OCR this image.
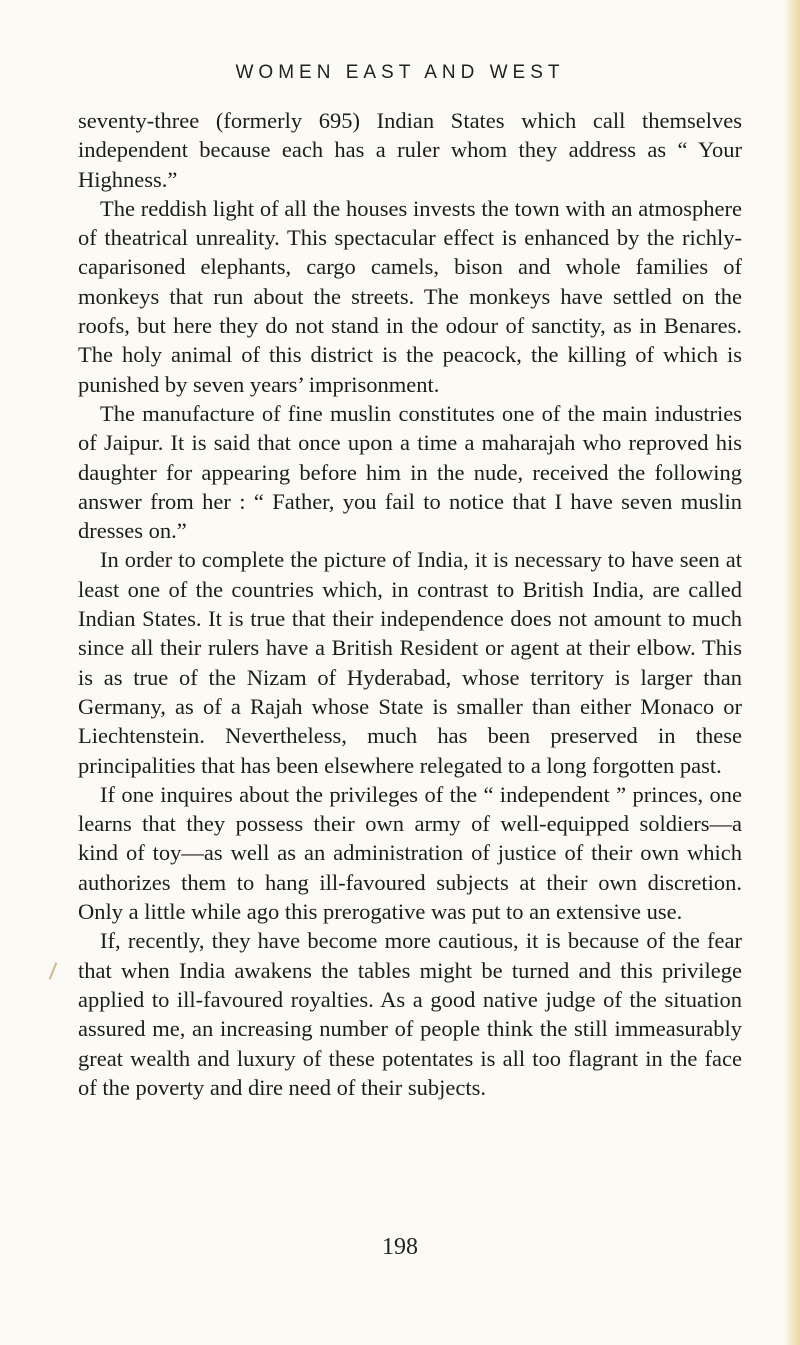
WOMEN EAST AND WEST

seventy-three (formerly 695) Indian States which call themselves independent because each has a ruler whom they address as “ Your Highness.”

The reddish light of all the houses invests the town with an atmosphere of theatrical unreality. This spectacular effect is enhanced by the richly-caparisoned elephants, cargo camels, bison and whole families of monkeys that run about the streets. The monkeys have settled on the roofs, but here they do not stand in the odour of sanctity, as in Benares. The holy animal of this district is the peacock, the killing of which is punished by seven years’ imprisonment.

The manufacture of fine muslin constitutes one of the main industries of Jaipur. It is said that once upon a time a maharajah who reproved his daughter for appearing before him in the nude, received the following answer from her : “ Father, you fail to notice that I have seven muslin dresses on.”

In order to complete the picture of India, it is necessary to have seen at least one of the countries which, in contrast to British India, are called Indian States. It is true that their independence does not amount to much since all their rulers have a British Resident or agent at their elbow. This is as true of the Nizam of Hyderabad, whose territory is larger than Germany, as of a Rajah whose State is smaller than either Monaco or Liechtenstein. Nevertheless, much has been preserved in these principalities that has been elsewhere relegated to a long forgotten past.

If one inquires about the privileges of the “ independent ” princes, one learns that they possess their own army of well-equipped soldiers—a kind of toy—as well as an administration of justice of their own which authorizes them to hang ill-favoured subjects at their own discretion. Only a little while ago this prerogative was put to an extensive use.

If, recently, they have become more cautious, it is because of the fear that when India awakens the tables might be turned and this privilege applied to ill-favoured royalties. As a good native judge of the situation assured me, an increasing number of people think the still immeasurably great wealth and luxury of these potentates is all too flagrant in the face of the poverty and dire need of their subjects.

198
